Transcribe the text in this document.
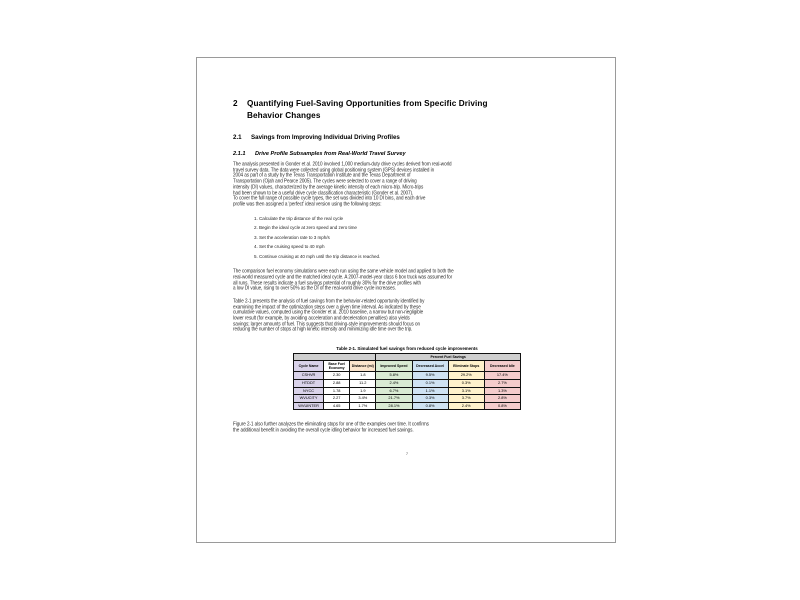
2 Quantifying Fuel-Saving Opportunities from Specific Driving
Behavior Changes
2.1 Savings from Improving Individual Driving Profiles
2.1.1 Drive Profile Subsamples from Real-World Travel Survey
The analysis presented in Gonder et al. 2010 involved 1,000 medium-duty drive cycles derived from real-world
travel survey data. The data were collected using global positioning system (GPS) devices installed in
2004 as part of a study by the Texas Transportation Institute and the Texas Department of
Transportation (Ojah and Pearce 2005). The cycles were selected to cover a range of driving
intensity (DI) values, characterized by the average kinetic intensity of each micro-trip. Micro-trips
had been shown to be a useful drive cycle classification characteristic (Gonder et al. 2007).
To cover the full range of possible cycle types, the set was divided into 10 DI bins, and each drive
profile was then assigned a 'perfect' ideal version using the following steps:
1. Calculate the trip distance of the real cycle
2. Begin the ideal cycle at zero speed and zero time
3. Set the acceleration rate to 3 mph/s
4. Set the cruising speed to 40 mph
5. Continue cruising at 40 mph until the trip distance is reached.
The comparison fuel economy simulations were each run using the same vehicle model and applied to both the
real-world measured cycle and the matched ideal cycle. A 2007-model-year class 6 box truck was assumed for
all runs. These results indicate a fuel savings potential of roughly 30% for the drive profiles with
a low DI value, rising to over 50% as the DI of the real-world drive cycle increases.
Table 2-1 presents the analysis of fuel savings from the behavior-related opportunity identified by
examining the impact of the optimization steps over a given time interval. As indicated by these
cumulative values, computed using the Gonder et al. 2010 baseline, a narrow but non-negligible
lower result (for example, by avoiding acceleration and deceleration penalties) also yields
savings; larger amounts of fuel. This suggests that driving-style improvements should focus on
reducing the number of stops at high kinetic intensity and minimizing idle time over the trip.
Table 2-1. Simulated fuel savings from reduced cycle improvements
			Percent Fuel Savings			
Cycle Name	Base Fuel Economy	Distance (mi)	Improved Speed	Decreased Accel	Eliminate Stops	Decreased Idle
CSHVR	2.30	1.8	5.8%	9.5%	29.2%	17.4%
HTDDT	2.88	11.2	2.4%	0.1%	0.3%	2.7%
NYCC	1.78	1.9	6.7%	1.1%	3.1%	1.3%
WVUCITY	2.27	3.4%	21.7%	0.3%	3.7%	2.8%
WVUINTER	4.65	1.7%	28.1%	0.8%	2.4%	0.8%
Figure 2-1 also further analyzes the eliminating stops for one of the examples over time. It confirms
the additional benefit in avoiding the overall cycle idling behavior for increased fuel savings.
7
